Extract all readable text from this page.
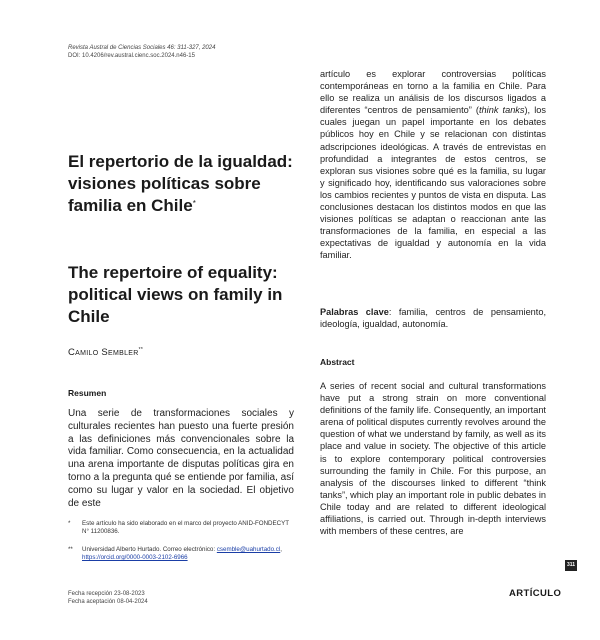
Revista Austral de Ciencias Sociales 46: 311-327, 2024
DOI: 10.4206/rev.austral.cienc.soc.2024.n46-15
El repertorio de la igualdad: visiones políticas sobre familia en Chile*
The repertoire of equality: political views on family in Chile
Camilo Sembler**
Resumen

Una serie de transformaciones sociales y culturales recientes han puesto una fuerte presión a las definiciones más convencionales sobre la vida familiar. Como consecuencia, en la actualidad una arena importante de disputas políticas gira en torno a la pregunta qué se entiende por familia, así como su lugar y valor en la sociedad. El objetivo de este

artículo es explorar controversias políticas contemporáneas en torno a la familia en Chile. Para ello se realiza un análisis de los discursos ligados a diferentes “centros de pensamiento” (think tanks), los cuales juegan un papel importante en los debates públicos hoy en Chile y se relacionan con distintas adscripciones ideológicas. A través de entrevistas en profundidad a integrantes de estos centros, se exploran sus visiones sobre qué es la familia, su lugar y significado hoy, identificando sus valoraciones sobre los cambios recientes y puntos de vista en disputa. Las conclusiones destacan los distintos modos en que las visiones políticas se adaptan o reaccionan ante las transformaciones de la familia, en especial a las expectativas de igualdad y autonomía en la vida familiar.

Palabras clave: familia, centros de pensamiento, ideología, igualdad, autonomía.

Abstract

A series of recent social and cultural transformations have put a strong strain on more conventional definitions of the family life. Consequently, an important arena of political disputes currently revolves around the question of what we understand by family, as well as its place and value in society. The objective of this article is to explore contemporary political controversies surrounding the family in Chile. For this purpose, an analysis of the discourses linked to different “think tanks”, which play an important role in public debates in Chile today and are related to different ideological affiliations, is carried out. Through in-depth interviews with members of these centres, are

* Este artículo ha sido elaborado en el marco del proyecto ANID-FONDECYT N° 11200836.
** Universidad Alberto Hurtado. Correo electrónico: csemble@uahurtado.cl, https://orcid.org/0000-0003-2102-6966
Fecha recepción 23-08-2023
Fecha aceptación 08-04-2024
311
ARTÍCULO
